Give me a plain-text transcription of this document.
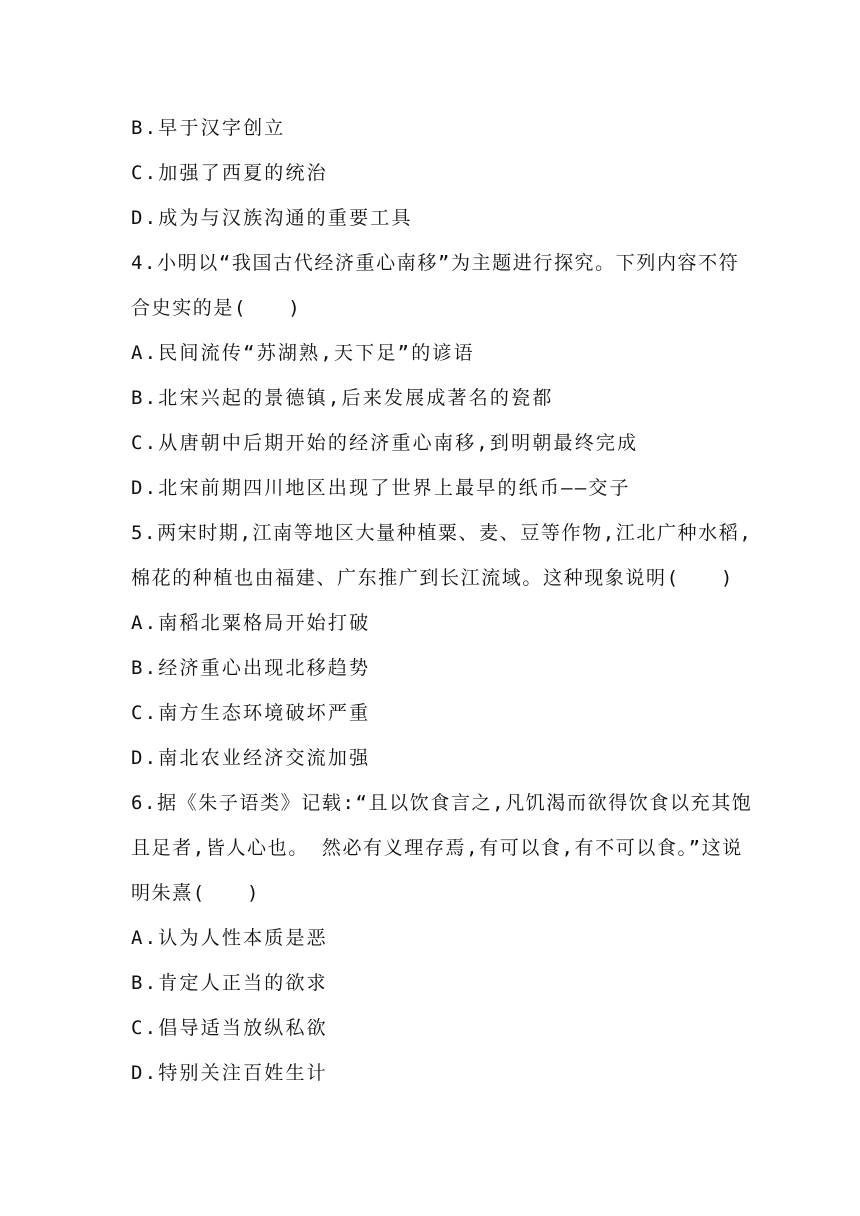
B.早于汉字创立
C.加强了西夏的统治
D.成为与汉族沟通的重要工具
4.小明以“我国古代经济重心南移”为主题进行探究。下列内容不符
合史实的是(　　)
A.民间流传“苏湖熟,天下足”的谚语
B.北宋兴起的景德镇,后来发展成著名的瓷都
C.从唐朝中后期开始的经济重心南移,到明朝最终完成
D.北宋前期四川地区出现了世界上最早的纸币——交子
5.两宋时期,江南等地区大量种植粟、麦、豆等作物,江北广种水稻,
棉花的种植也由福建、广东推广到长江流域。这种现象说明(　　)
A.南稻北粟格局开始打破
B.经济重心出现北移趋势
C.南方生态环境破坏严重
D.南北农业经济交流加强
6.据《朱子语类》记载:“且以饮食言之,凡饥渴而欲得饮食以充其饱
且足者,皆人心也。 然必有义理存焉,有可以食,有不可以食。”这说
明朱熹(　　)
A.认为人性本质是恶
B.肯定人正当的欲求
C.倡导适当放纵私欲
D.特别关注百姓生计
